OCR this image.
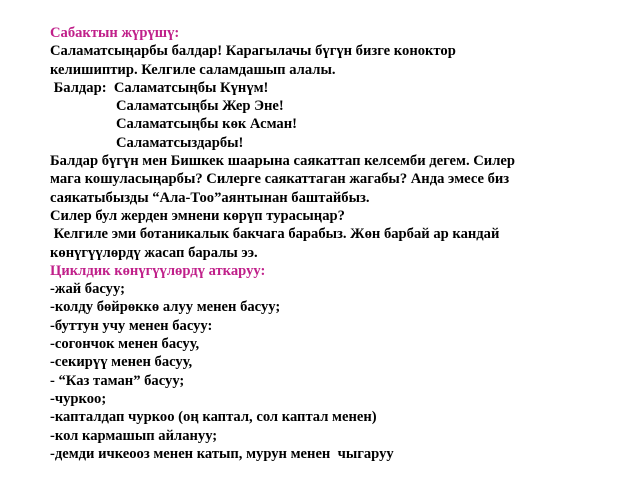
Сабактын жүрүшү:
Саламатсыңарбы балдар! Карагылачы бүгүн бизге коноктор
келишиптир. Келгиле саламдашып алалы.
Балдар:  Саламатсыңбы Күнүм!
Саламатсыңбы Жер Эне!
Саламатсыңбы көк Асман!
Саламатсыздарбы!
Балдар бүгүн мен Бишкек шаарына саякаттап келсемби дегем. Силер
мага кошуласыңарбы? Силерге саякаттаган жагабы? Анда эмесе биз
саякатыбызды “Ала-Тоо”аянтынан баштайбыз.
Силер бул жерден эмнени көрүп турасыңар?
Келгиле эми ботаникалык бакчага барабыз. Жөн барбай ар кандай
көнүгүүлөрдү жасап баралы ээ.
Циклдик көнүгүүлөрдү аткаруу:
-жай басуу;
-колду бөйрөккө алуу менен басуу;
-буттун учу менен басуу:
-согончок менен басуу,
-секирүү менен басуу,
- “Каз таман” басуу;
-чуркоо;
-капталдап чуркоо (оң каптал, сол каптал менен)
-кол кармашып айлануу;
-демди ичкеооз менен катып, мурун менен  чыгаруу
